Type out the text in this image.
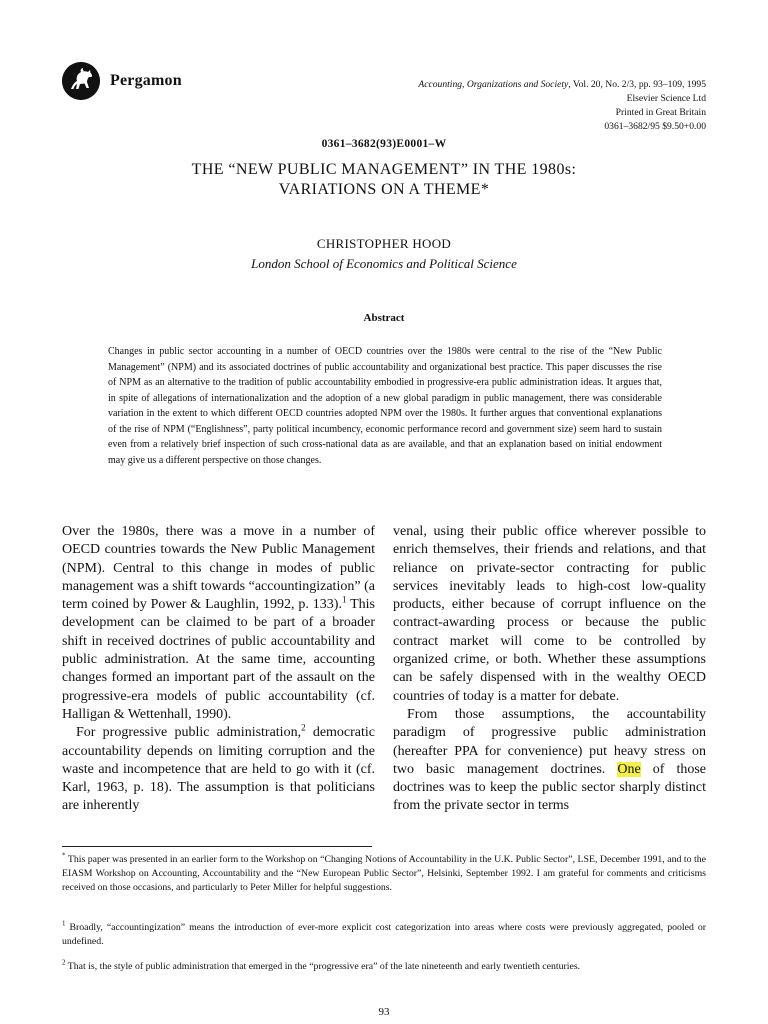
Pergamon	Accounting, Organizations and Society, Vol. 20, No. 2/3, pp. 93–109, 1995
Elsevier Science Ltd
Printed in Great Britain
0361–3682/95 $9.50+0.00
0361–3682(93)E0001–W
THE “NEW PUBLIC MANAGEMENT” IN THE 1980s:
VARIATIONS ON A THEME*
CHRISTOPHER HOOD
London School of Economics and Political Science
Abstract
Changes in public sector accounting in a number of OECD countries over the 1980s were central to the rise of the “New Public Management” (NPM) and its associated doctrines of public accountability and organizational best practice. This paper discusses the rise of NPM as an alternative to the tradition of public accountability embodied in progressive-era public administration ideas. It argues that, in spite of allegations of internationalization and the adoption of a new global paradigm in public management, there was considerable variation in the extent to which different OECD countries adopted NPM over the 1980s. It further argues that conventional explanations of the rise of NPM (“Englishness”, party political incumbency, economic performance record and government size) seem hard to sustain even from a relatively brief inspection of such cross-national data as are available, and that an explanation based on initial endowment may give us a different perspective on those changes.

Over the 1980s, there was a move in a number of OECD countries towards the New Public Management (NPM). Central to this change in modes of public management was a shift towards “accountingization” (a term coined by Power & Laughlin, 1992, p. 133).$^1$ This development can be claimed to be part of a broader shift in received doctrines of public accountability and public administration. At the same time, accounting changes formed an important part of the assault on the progressive-era models of public accountability (cf. Halligan & Wettenhall, 1990).

For progressive public administration,$^2$ democratic accountability depends on limiting corruption and the waste and incompetence that are held to go with it (cf. Karl, 1963, p. 18). The assumption is that politicians are inherently

venal, using their public office wherever possible to enrich themselves, their friends and relations, and that reliance on private-sector contracting for public services inevitably leads to high-cost low-quality products, either because of corrupt influence on the contract-awarding process or because the public contract market will come to be controlled by organized crime, or both. Whether these assumptions can be safely dispensed with in the wealthy OECD countries of today is a matter for debate.

From those assumptions, the accountability paradigm of progressive public administration (hereafter PPA for convenience) put heavy stress on two basic management doctrines. One of those doctrines was to keep the public sector sharply distinct from the private sector in terms

* This paper was presented in an earlier form to the Workshop on “Changing Notions of Accountability in the U.K. Public Sector”, LSE, December 1991, and to the EIASM Workshop on Accounting, Accountability and the “New European Public Sector”, Helsinki, September 1992. I am grateful for comments and criticisms received on those occasions, and particularly to Peter Miller for helpful suggestions.
$^1$ Broadly, “accountingization” means the introduction of ever-more explicit cost categorization into areas where costs were previously aggregated, pooled or undefined.
$^2$ That is, the style of public administration that emerged in the “progressive era” of the late nineteenth and early twentieth centuries.
93
